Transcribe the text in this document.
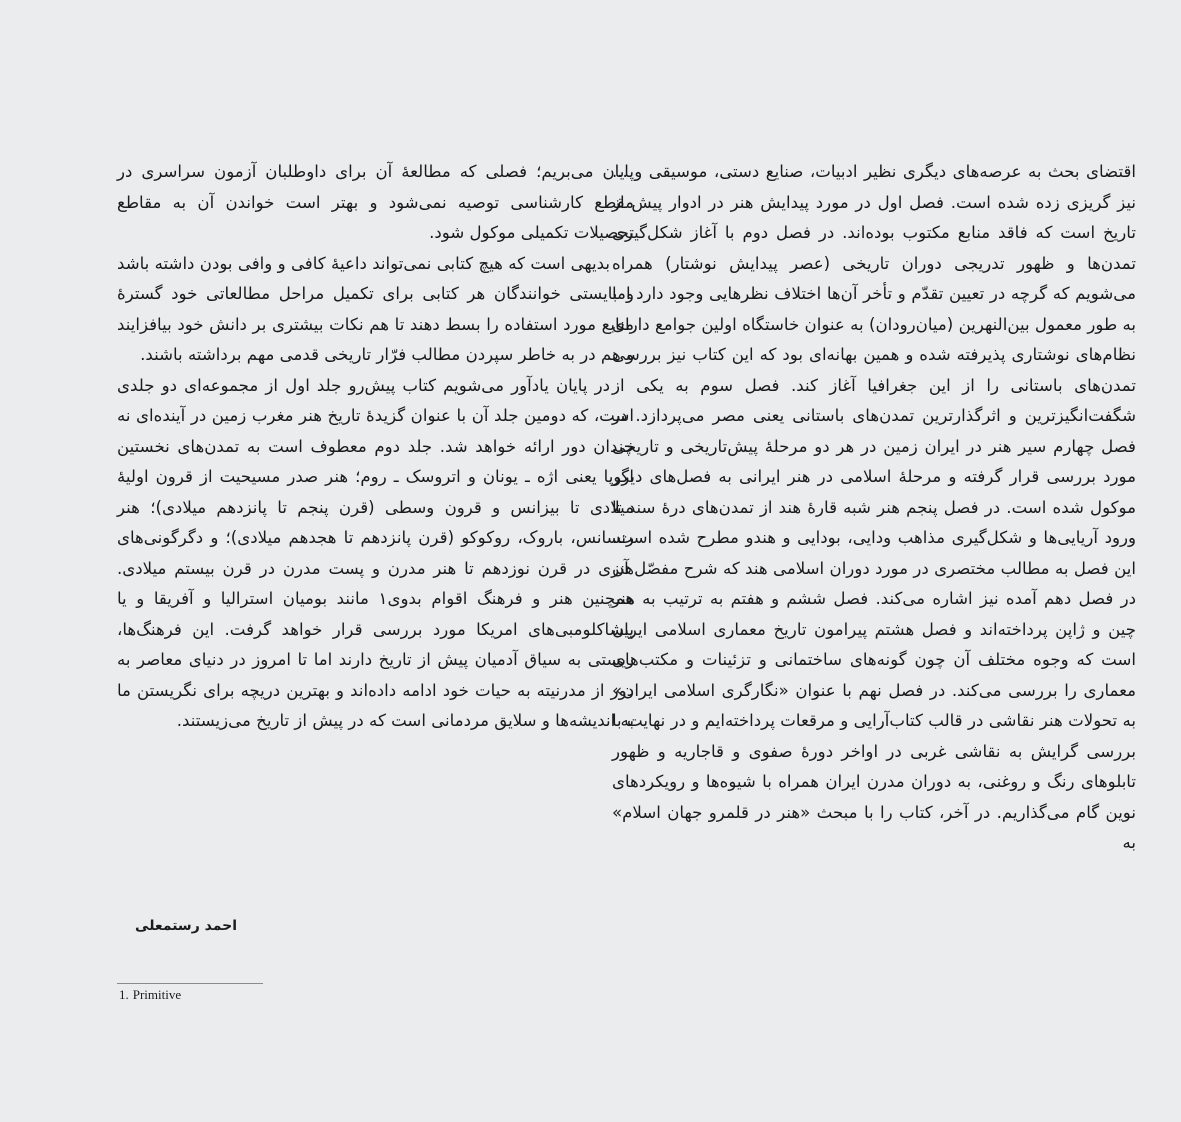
اقتضای بحث به عرصه‌های دیگری نظیر ادبیات، صنایع دستی، موسیقی و ... نیز گریزی زده شده است. فصل اول در مورد پیدایش هنر در ادوار پیش از تاریخ است که فاقد منابع مکتوب بوده‌اند. در فصل دوم با آغاز شکل‌گیری تمدن‌ها و ظهور تدریجی دوران تاریخی (عصر پیدایش نوشتار) همراه می‌شویم که گرچه در تعیین تقدّم و تأخر آن‌ها اختلاف نظرهایی وجود دارد اما به طور معمول بین‌النهرین (میان‌رودان) به عنوان خاستگاه اولین جوامع دارای نظام‌های نوشتاری پذیرفته شده و همین بهانه‌ای بود که این کتاب نیز بررسی تمدن‌های باستانی را از این جغرافیا آغاز کند. فصل سوم به یکی از شگفت‌انگیزترین و اثرگذارترین تمدن‌های باستانی یعنی مصر می‌پردازد. در فصل چهارم سیر هنر در ایران زمین در هر دو مرحلهٔ پیش‌تاریخی و تاریخی مورد بررسی قرار گرفته و مرحلهٔ اسلامی در هنر ایرانی به فصل‌های دیگر موکول شده است. در فصل پنجم هنر شبه قارهٔ هند از تمدن‌های درهٔ سند تا ورود آریایی‌ها و شکل‌گیری مذاهب ودایی، بودایی و هندو مطرح شده است. این فصل به مطالب مختصری در مورد دوران اسلامی هند که شرح مفصّل آن در فصل دهم آمده نیز اشاره می‌کند. فصل ششم و هفتم به ترتیب به هنر چین و ژاپن پرداخته‌اند و فصل هشتم پیرامون تاریخ معماری اسلامی ایران است که وجوه مختلف آن چون گونه‌های ساختمانی و تزئینات و مکتب‌های معماری را بررسی می‌کند. در فصل نهم با عنوان «نگارگری اسلامی ایران» به تحولات هنر نقاشی در قالب کتاب‌آرایی و مرقعات پرداخته‌ایم و در نهایت با بررسی گرایش به نقاشی غربی در اواخر دورهٔ صفوی و قاجاریه و ظهور تابلوهای رنگ و روغنی، به دوران مدرن ایران همراه با شیوه‌ها و رویکردهای نوین گام می‌گذاریم. در آخر، کتاب را با مبحث «هنر در قلمرو جهان اسلام» به

پایان می‌بریم؛ فصلی که مطالعهٔ آن برای داوطلبان آزمون سراسری در مقطع کارشناسی توصیه نمی‌شود و بهتر است خواندن آن به مقاطع تحصیلات تکمیلی موکول شود.

بدیهی است که هیچ کتابی نمی‌تواند داعیهٔ کافی و وافی بودن داشته باشد و بایستی خوانندگان هر کتابی برای تکمیل مراحل مطالعاتی خود گسترهٔ منابع مورد استفاده را بسط دهند تا هم نکات بیشتری بر دانش خود بیافزایند و هم در به خاطر سپردن مطالب فرّار تاریخی قدمی مهم برداشته باشند.

در پایان یادآور می‌شویم کتاب پیش‌رو جلد اول از مجموعه‌ای دو جلدی است، که دومین جلد آن با عنوان گزیدهٔ تاریخ هنر مغرب زمین در آینده‌ای نه چندان دور ارائه خواهد شد. جلد دوم معطوف است به تمدن‌های نخستین اروپا یعنی اژه ـ یونان و اتروسک ـ روم؛ هنر صدر مسیحیت از قرون اولیهٔ میلادی تا بیزانس و قرون وسطی (قرن پنجم تا پانزدهم میلادی)؛ هنر رنسانس، باروک، روکوکو (قرن پانزدهم تا هجدهم میلادی)؛ و دگرگونی‌های هنری در قرن نوزدهم تا هنر مدرن و پست مدرن در قرن بیستم میلادی. همچنین هنر و فرهنگ اقوام بدوی۱ مانند بومیان استرالیا و آفریقا و یا پیشاکلومبی‌های امریکا مورد بررسی قرار خواهد گرفت. این فرهنگ‌ها، زیستی به سیاق آدمیان پیش از تاریخ دارند اما تا امروز در دنیای معاصر به دور از مدرنیته به حیات خود ادامه داده‌اند و بهترین دریچه برای نگریستن ما به اندیشه‌ها و سلایق مردمانی است که در پیش از تاریخ می‌زیستند.

احمد رستمعلی
1. Primitive
